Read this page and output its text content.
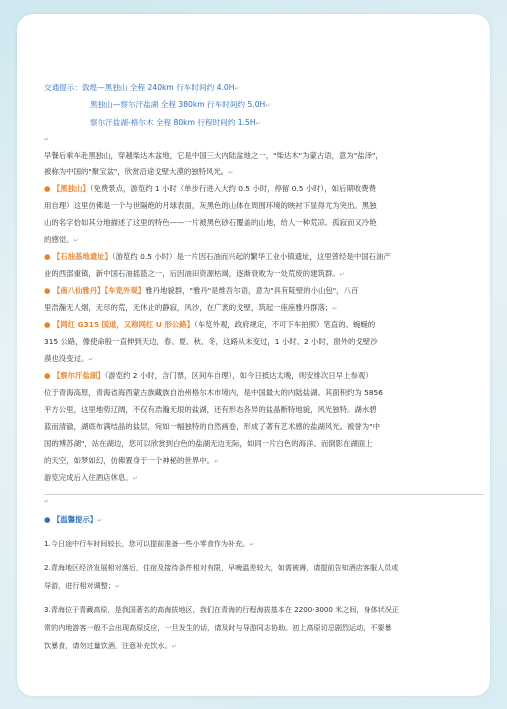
交通提示：敦煌—黑独山 全程 240km 行车时间约 4.0H↵
黑独山—察尔汗盐湖 全程 380km 行车时间约 5.0H↵
察尔汗盐湖-格尔木 全程 80km 行程时间约 1.5H↵
↵
早餐后乘车赴黑独山，穿越柴达木盆地，它是中国三大内陆盆地之一，"柴达木"为蒙古语，意为"盐泽"，
被称为中国的"聚宝盆"，欣赏沿途戈壁大漠的独特风光。↵
● 【黑独山】（免费景点，游览约 1 小时（单步行进入大约 0.5 小时，停留 0.5 小时），如后期收费费
用自理）这里仿佛是一个与世隔绝的月球表面，灰黑色的山体在周围环境的映衬下显得尤为突出。黑独
山的名字恰如其分地描述了这里的特色——一片被黑色砂石覆盖的山地，给人一种荒凉、孤寂而又冷艳
的感觉。↵
● 【石油基地遗址】（游览约 0.5 小时）是一片因石油而兴起的繁华工业小镇遗址，这里曾经是中国石油产
业的西部重镇，新中国石油摇篮之一，后因油田资源枯竭，逐渐衰败为一处荒废的建筑群。↵
● 【南八仙雅丹】【车览外观】雅丹地貌群，"雅丹"是维吾尔语，意为"具有陡壁的小山包"，八百
里浩瀚无人烟，无尽的荒，无休止的静寂，风沙，在广袤的戈壁，筑起一座座雅丹群落；↵
● 【网红 G315 国道，又称网红 U 形公路】（车览外观，政府规定，不可下车拍照）笔直的、蜿蜒的
315 公路，像使命般一直伸到天边，春、夏、秋、冬，这路从未变过，1 小时、2 小时，窗外的戈壁沙
漠也没变过。↵
● 【察尔汗盐湖】（游览约 2 小时，含门票，区间车自理），如今日抵达太晚，则安排次日早上参观）
位于青海高原，青海省海西蒙古族藏族自治州格尔木市境内，是中国最大的内陆盐湖。其面积约为 5856
平方公里，这里地势辽阔，不仅有浩瀚无垠的盐湖，还有形态各异的盐晶断特地貌，风光独特。湖水碧
蓝而清澈，湖底布满结晶的盐层，宛如一幅独特的自然画卷，形成了著有艺术感的盐湖风光。被誉为"中
国的博苏湖"，站在湖边，您可以欣赏到白色的盐湖无边无际，如同一片白色的海洋。而倒影在湖面上
的天空，如梦如幻，仿佛置身于一个神秘的世界中。↵
游览完成后入住酒店休息。↵
↵
● 【温馨提示】↵
1.今日途中行车时间较长，您可以提前准备一些小零食作为补充。↵
2.青海地区经济发展相对落后，住宿及接待条件相对有限，早晚温差较大，如需被褥，请提前告知酒店客服人员或
导游，进行相对调整；↵
3.青海位于青藏高原，是我国著名的高海拔地区，我们在青海的行程海拔基本在 2200-3000 米之间，身体状况正
常的内地游客一般不会出现高原反应，一旦发生的话，请及时与导游同志协助。初上高原切忌剧烈运动，不要暴
饮暴食，请勿过量饮酒，注意补充饮水。↵
